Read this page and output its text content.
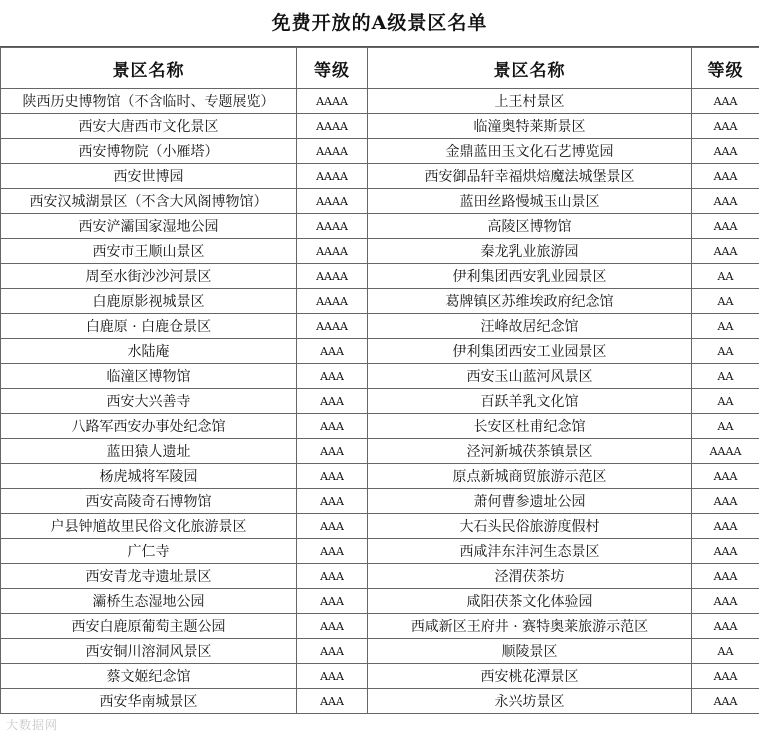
免费开放的A级景区名单
景区名称	等级	景区名称	等级
陕西历史博物馆（不含临时、专题展览）	AAAA	上王村景区	AAA
西安大唐西市文化景区	AAAA	临潼奥特莱斯景区	AAA
西安博物院（小雁塔）	AAAA	金鼎蓝田玉文化石艺博览园	AAA
西安世博园	AAAA	西安御品轩幸福烘焙魔法城堡景区	AAA
西安汉城湖景区（不含大风阁博物馆）	AAAA	蓝田丝路慢城玉山景区	AAA
西安浐灞国家湿地公园	AAAA	高陵区博物馆	AAA
西安市王顺山景区	AAAA	秦龙乳业旅游园	AAA
周至水街沙沙河景区	AAAA	伊利集团西安乳业园景区	AA
白鹿原影视城景区	AAAA	葛牌镇区苏维埃政府纪念馆	AA
白鹿原 · 白鹿仓景区	AAAA	汪峰故居纪念馆	AA
水陆庵	AAA	伊利集团西安工业园景区	AA
临潼区博物馆	AAA	西安玉山蓝河风景区	AA
西安大兴善寺	AAA	百跃羊乳文化馆	AA
八路军西安办事处纪念馆	AAA	长安区杜甫纪念馆	AA
蓝田猿人遗址	AAA	泾河新城茯茶镇景区	AAAA
杨虎城将军陵园	AAA	原点新城商贸旅游示范区	AAA
西安高陵奇石博物馆	AAA	萧何曹参遗址公园	AAA
户县钟馗故里民俗文化旅游景区	AAA	大石头民俗旅游度假村	AAA
广仁寺	AAA	西咸沣东沣河生态景区	AAA
西安青龙寺遗址景区	AAA	泾渭茯茶坊	AAA
灞桥生态湿地公园	AAA	咸阳茯茶文化体验园	AAA
西安白鹿原葡萄主题公园	AAA	西咸新区王府井 · 赛特奥莱旅游示范区	AAA
西安铜川溶洞风景区	AAA	顺陵景区	AA
蔡文姬纪念馆	AAA	西安桃花潭景区	AAA
西安华南城景区	AAA	永兴坊景区	AAA
大数据网
